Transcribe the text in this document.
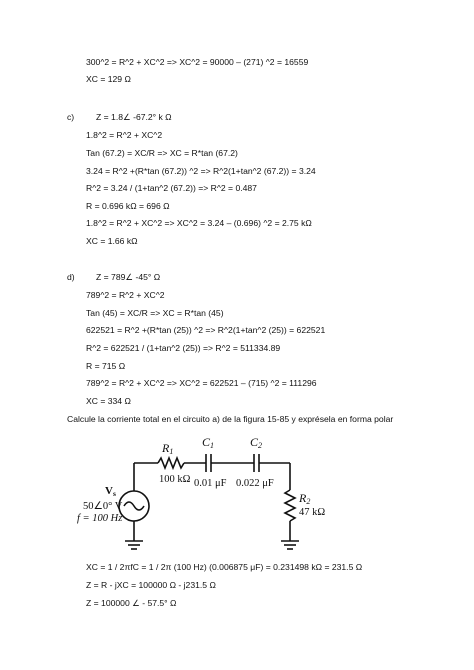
300^2 = R^2 + XC^2 => XC^2 = 90000 – (271) ^2 = 16559
XC = 129 Ω
c)	Z = 1.8∠ -67.2° k Ω
1.8^2 = R^2 + XC^2
Tan (67.2) = XC/R => XC = R*tan (67.2)
3.24 = R^2 +(R*tan (67.2)) ^2 => R^2(1+tan^2 (67.2)) = 3.24
R^2 = 3.24 / (1+tan^2 (67.2)) => R^2 = 0.487
R = 0.696 kΩ = 696 Ω
1.8^2 = R^2 + XC^2 => XC^2 = 3.24 – (0.696) ^2 = 2.75 kΩ
XC = 1.66 kΩ
d) Z = 789∠ -45° Ω
789^2 = R^2 + XC^2
Tan (45) = XC/R => XC = R*tan (45)
622521 = R^2 +(R*tan (25)) ^2 => R^2(1+tan^2 (25)) = 622521
R^2 = 622521 / (1+tan^2 (25)) => R^2 = 511334.89
R = 715 Ω
789^2 = R^2 + XC^2 => XC^2 = 622521 – (715) ^2 = 111296
XC = 334 Ω
Calcule la corriente total en el circuito a) de la figura 15-85 y exprésela en forma polar
R1
100 kΩ
C1
0.01 μF
C2
0.022 μF
R2
47 kΩ
Vs
50∠0° V
f = 100 Hz
XC = 1 / 2πfC = 1 / 2π (100 Hz) (0.006875 μF) = 0.231498 kΩ = 231.5 Ω
Z = R - jXC = 100000 Ω - j231.5 Ω
Z = 100000 ∠ - 57.5° Ω
